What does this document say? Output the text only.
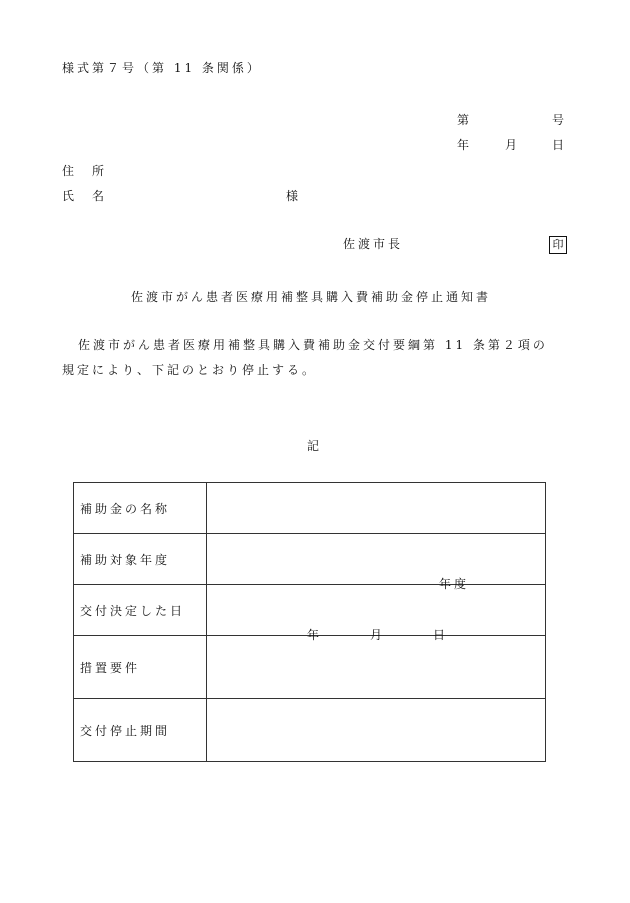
様式第７号（第 11 条関係）
第	号
年	月	日
住　所
氏　名	様
佐渡市長	印
佐渡市がん患者医療用補整具購入費補助金停止通知書
佐渡市がん患者医療用補整具購入費補助金交付要綱第 11 条第２項の
規定により、下記のとおり停止する。
記
補助金の名称	
補助対象年度	年度

交付決定した日	年 月 日

措置要件	
交付停止期間	
